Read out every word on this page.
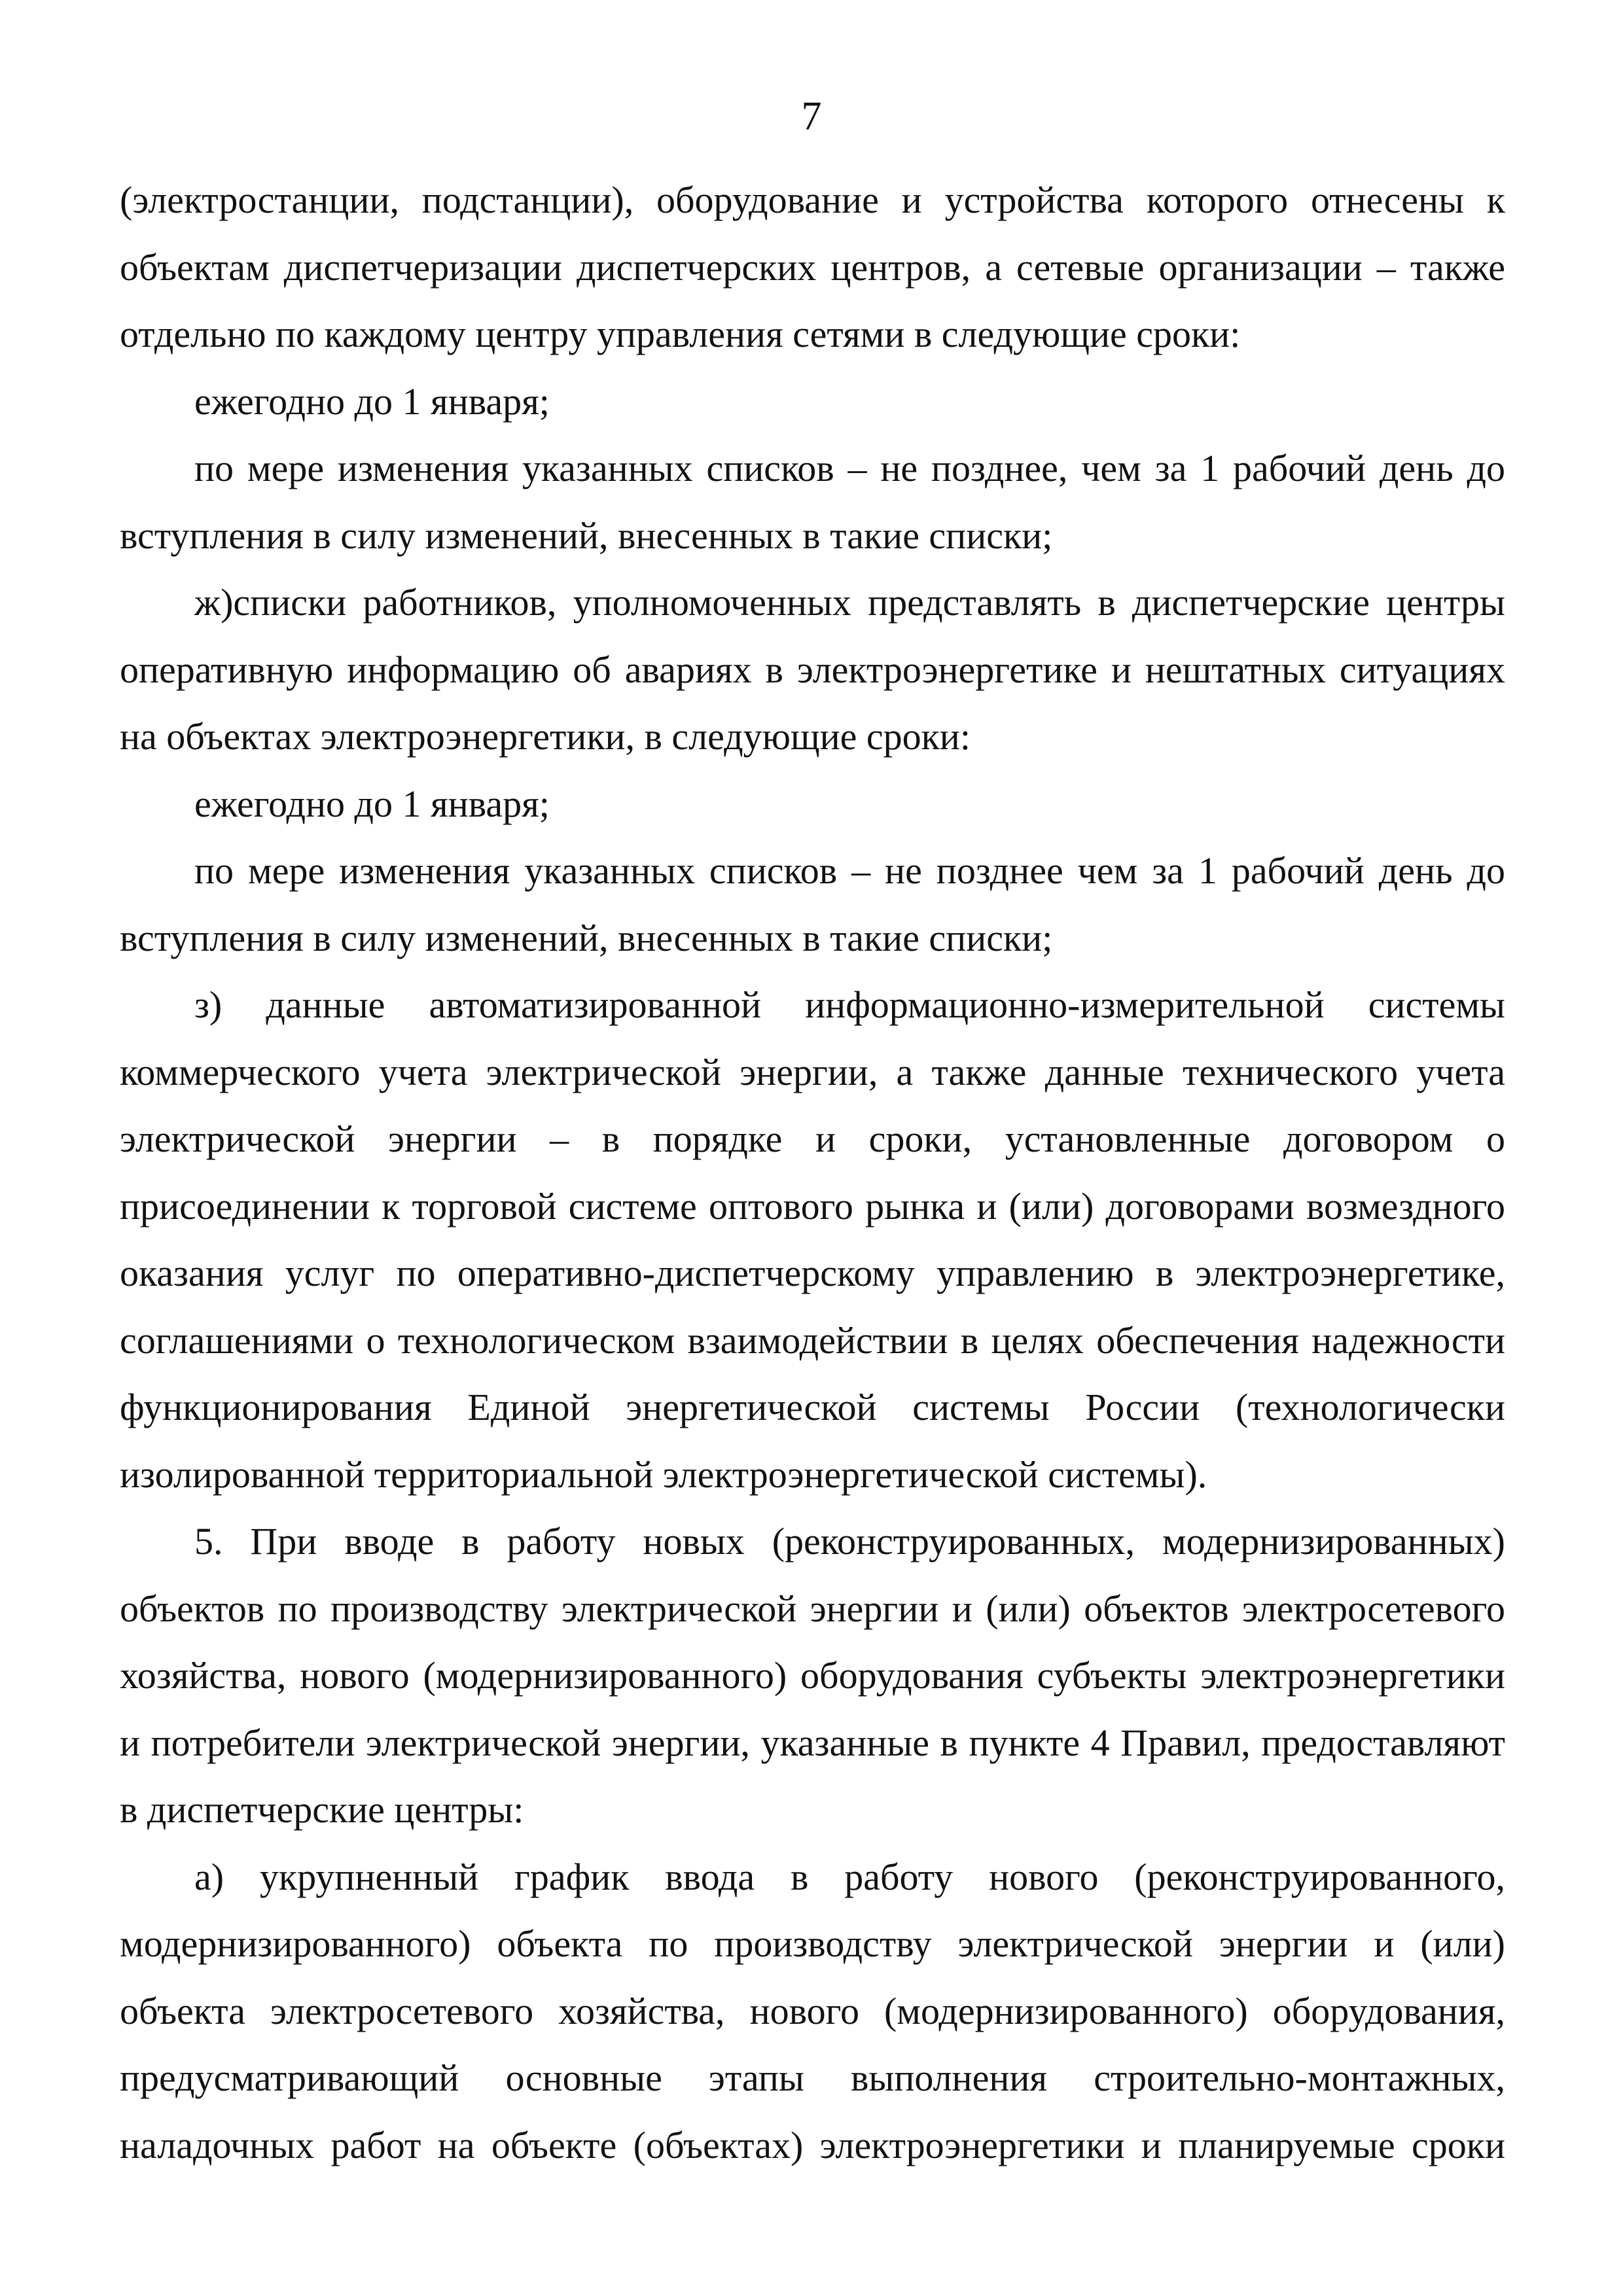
7

(электростанции, подстанции), оборудование и устройства которого отнесены к объектам диспетчеризации диспетчерских центров, а сетевые организации – также отдельно по каждому центру управления сетями в следующие сроки:

ежегодно до 1 января;

по мере изменения указанных списков – не позднее, чем за 1 рабочий день до вступления в силу изменений, внесенных в такие списки;

ж)списки работников, уполномоченных представлять в диспетчерские центры оперативную информацию об авариях в электроэнергетике и нештатных ситуациях на объектах электроэнергетики, в следующие сроки:

ежегодно до 1 января;

по мере изменения указанных списков – не позднее чем за 1 рабочий день до вступления в силу изменений, внесенных в такие списки;

з) данные автоматизированной информационно-измерительной системы коммерческого учета электрической энергии, а также данные технического учета электрической энергии – в порядке и сроки, установленные договором о присоединении к торговой системе оптового рынка и (или) договорами возмездного оказания услуг по оперативно-диспетчерскому управлению в электроэнергетике, соглашениями о технологическом взаимодействии в целях обеспечения надежности функционирования Единой энергетической системы России (технологически изолированной территориальной электроэнергетической системы).

5. При вводе в работу новых (реконструированных, модернизированных) объектов по производству электрической энергии и (или) объектов электросетевого хозяйства, нового (модернизированного) оборудования субъекты электроэнергетики и потребители электрической энергии, указанные в пункте 4 Правил, предоставляют в диспетчерские центры:

а) укрупненный график ввода в работу нового (реконструированного, модернизированного) объекта по производству электрической энергии и (или) объекта электросетевого хозяйства, нового (модернизированного) оборудования, предусматривающий основные этапы выполнения строительно-монтажных, наладочных работ на объекте (объектах) электроэнергетики и планируемые сроки
